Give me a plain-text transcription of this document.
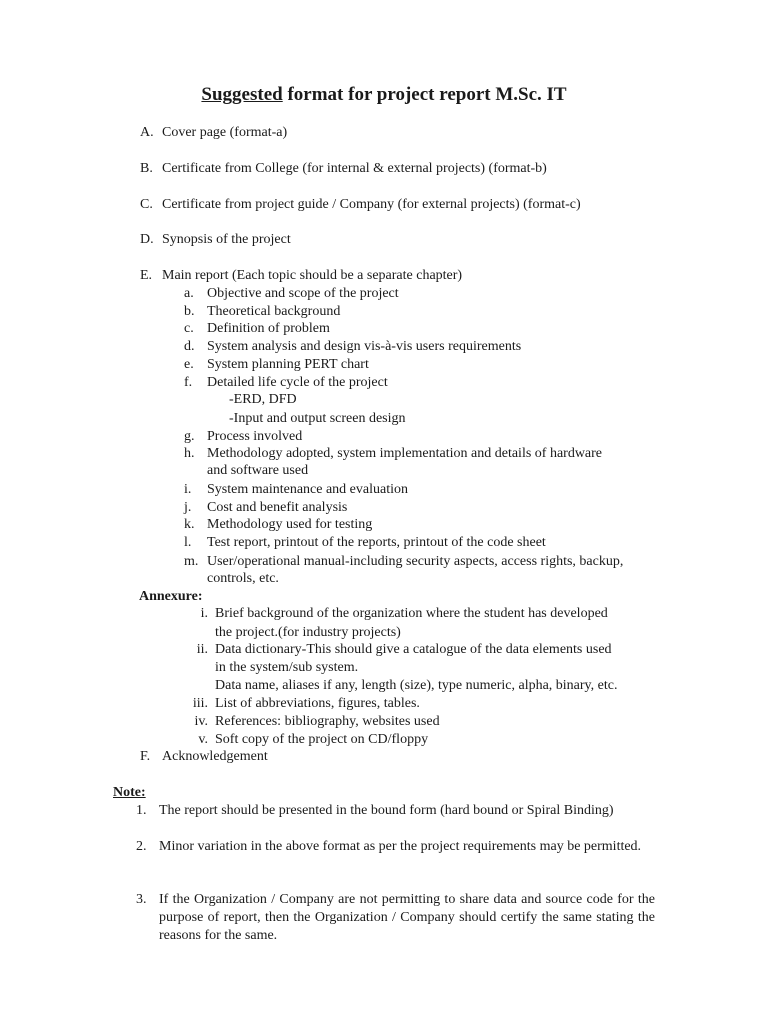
Suggested format for project report M.Sc. IT
A. Cover page (format-a)
B. Certificate from College (for internal & external projects) (format-b)
C. Certificate from project guide / Company (for external projects) (format-c)
D. Synopsis of the project
E. Main report (Each topic should be a separate chapter)
a. Objective and scope of the project
b. Theoretical background
c. Definition of problem
d. System analysis and design vis-à-vis users requirements
e. System planning PERT chart
f. Detailed life cycle of the project
-ERD, DFD
-Input and output screen design
g. Process involved
h. Methodology adopted, system implementation and details of hardware
and software used
i. System maintenance and evaluation
j. Cost and benefit analysis
k. Methodology used for testing
l. Test report, printout of the reports, printout of the code sheet
m. User/operational manual-including security aspects, access rights, backup,
controls, etc.
Annexure:
i. Brief background of the organization where the student has developed
the project.(for industry projects)
ii. Data dictionary-This should give a catalogue of the data elements used
in the system/sub system.
Data name, aliases if any, length (size), type numeric, alpha, binary, etc.
iii. List of abbreviations, figures, tables.
iv. References: bibliography, websites used
v. Soft copy of the project on CD/floppy
F. Acknowledgement
Note:
1. The report should be presented in the bound form (hard bound or Spiral Binding)
2. Minor variation in the above format as per the project requirements may be permitted.
3. If the Organization / Company are not permitting to share data and source code for the purpose of report, then the Organization / Company should certify the same stating the reasons for the same.
